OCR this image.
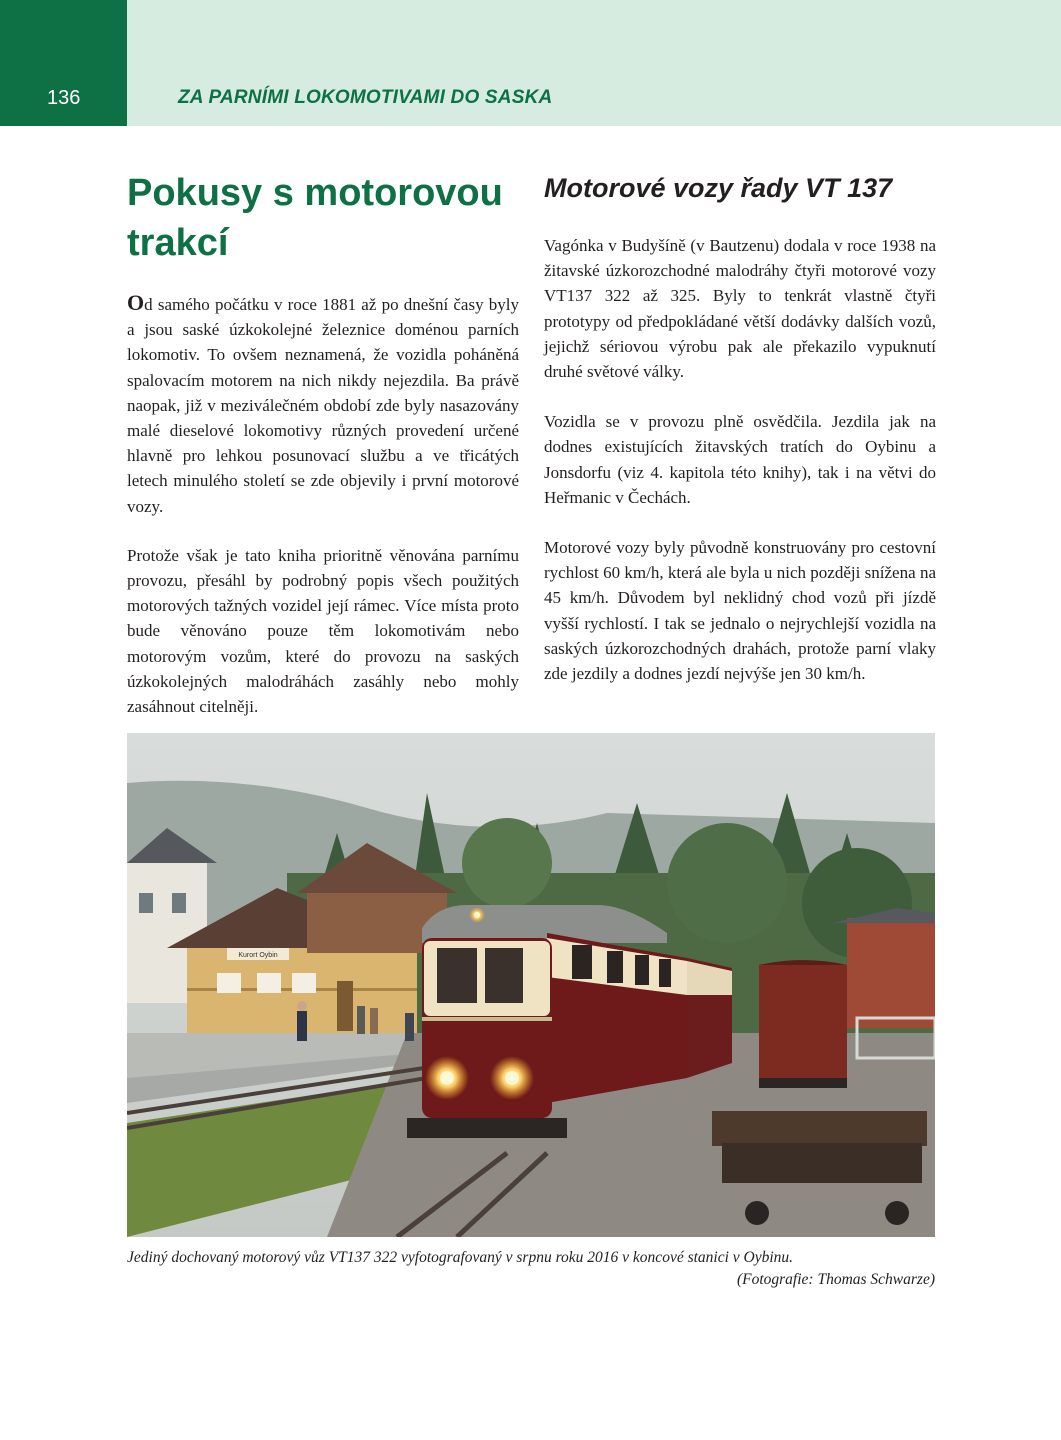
136	ZA PARNÍMI LOKOMOTIVAMI DO SASKA
Pokusy s motorovou
trakcí

Od samého počátku v roce 1881 až po dnešní časy byly a jsou saské úzkokolejné železnice doménou parních lokomotiv. To ovšem neznamená, že vozidla poháněná spalovacím motorem na nich nikdy nejezdila. Ba právě naopak, již v meziválečném období zde byly nasazovány malé dieselové lokomotivy různých provedení určené hlavně pro lehkou posunovací službu a ve třicátých letech minulého století se zde objevily i první motorové vozy.

Protože však je tato kniha prioritně věnována parnímu provozu, přesáhl by podrobný popis všech použitých motorových tažných vozidel její rámec. Více místa proto bude věnováno pouze těm lokomotivám nebo motorovým vozům, které do provozu na saských úzkokolejných malodráhách zasáhly nebo mohly zasáhnout citelněji.

Motorové vozy řady VT 137

Vagónka v Budyšíně (v Bautzenu) dodala v roce 1938 na žitavské úzkorozchodné malodráhy čtyři motorové vozy VT137 322 až 325. Byly to tenkrát vlastně čtyři prototypy od předpokládané větší dodávky dalších vozů, jejichž sériovou výrobu pak ale překazilo vypuknutí druhé světové války.

Vozidla se v provozu plně osvědčila. Jezdila jak na dodnes existujících žitavských tratích do Oybinu a Jonsdorfu (viz 4. kapitola této knihy), tak i na větvi do Heřmanic v Čechách.

Motorové vozy byly původně konstruovány pro cestovní rychlost 60 km/h, která ale byla u nich později snížena na 45 km/h. Důvodem byl neklidný chod vozů při jízdě vyšší rychlostí. I tak se jednalo o nejrychlejší vozidla na saských úzkorozchodných drahách, protože parní vlaky zde jezdily a dodnes jezdí nejvýše jen 30 km/h.

Kurort Oybin
Jediný dochovaný motorový vůz VT137 322 vyfotografovaný v srpnu roku 2016 v koncové stanici v Oybinu.
(Fotografie: Thomas Schwarze)
